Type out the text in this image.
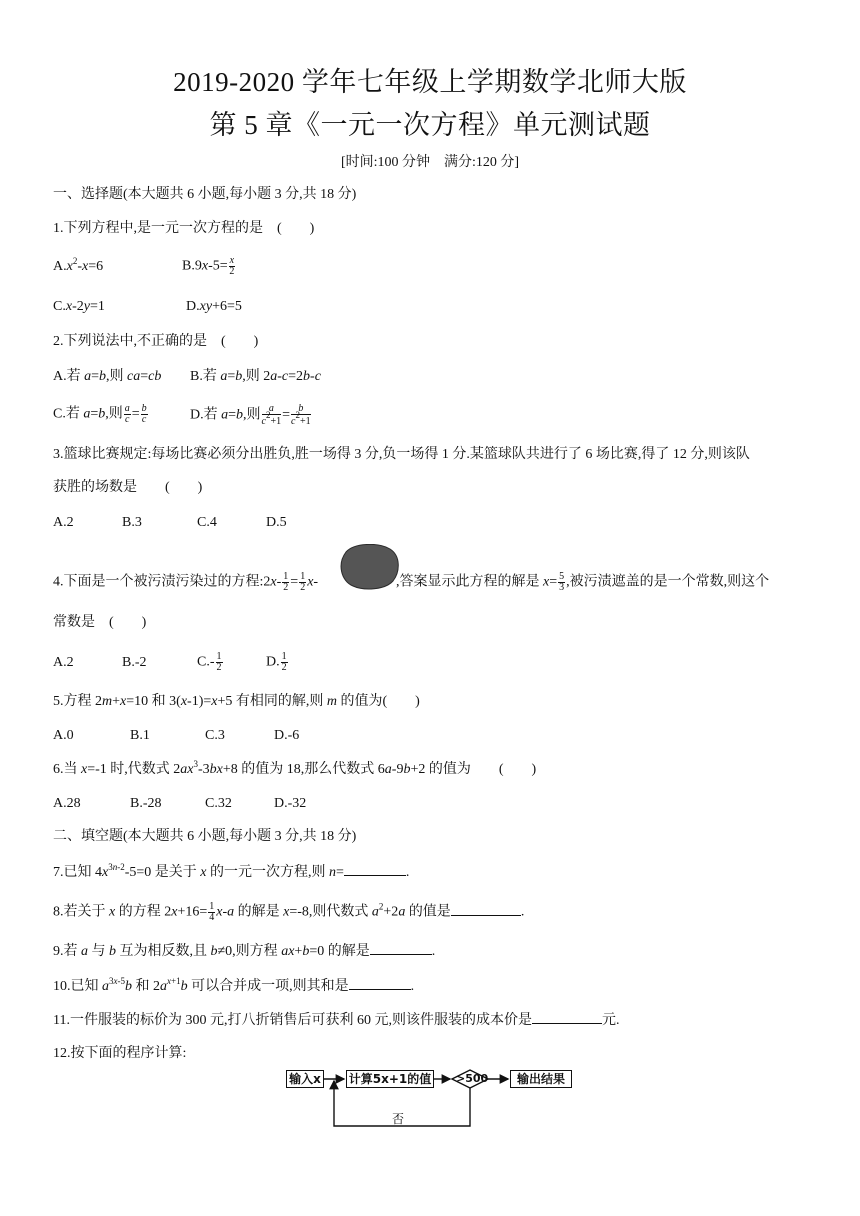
2019-2020 学年七年级上学期数学北师大版
第 5 章《一元一次方程》单元测试题
[时间:100 分钟　满分:120 分]
一、选择题(本大题共 6 小题,每小题 3 分,共 18 分)
1.下列方程中,是一元一次方程的是　(　　)
$A.x^2-x=6$	$B.9x-5= \frac{x}{2}$
C.x-2y=1	D.xy+6=5
2.下列说法中,不正确的是　(　　)
A.若 a=b,则 ca=cb B.若 a=b,则 2a-c=2b-c
C.若 a=b,则 $\frac{a}{c} = \frac{b}{c}$	D.若 a=b,则 $\frac{a}{c^2+1} = \frac{b}{c^2+1}$
3.篮球比赛规定:每场比赛必须分出胜负,胜一场得 3 分,负一场得 1 分.某篮球队共进行了 6 场比赛,得了 12 分,则该队
获胜的场数是　　(　　)
A.2	B.3	C.4	D.5
4.下面是一个被污渍污染过的方程:2x- $\frac{1}{2} = \frac{1}{2} x-$	,答案显示此方程的解是 $x= \frac{5}{3}$ ,被污渍遮盖的是一个常数,则这个
常数是　(　　)
A.2	B.-2	$C.- \frac{1}{2}$	D. $\frac{1}{2}$
5.方程 2m+x=10 和 3(x-1)=x+5 有相同的解,则 m 的值为(　　)
A.0	B.1	C.3	D.-6
6.当 x=-1 时,代数式 $2ax^3-3bx+8$ 的值为 18,那么代数式 6a-9b+2 的值为　　(　　)
A.28	B.-28	C.32	D.-32
二、填空题(本大题共 6 小题,每小题 3 分,共 18 分)
7.已知 $4x^{3n-2}-5=0$ 是关于 x 的一元一次方程,则 n=	.
8.若关于 x 的方程 $2x+16= \frac{1}{4} x-a$ 的解是 x=-8,则代数式 $a^2+2a$ 的值是	.
9.若 a 与 b 互为相反数,且 b≠0,则方程 ax+b=0 的解是	.
10.已知 $a^{3x-5}b$ 和 $2a^{x+1}b$ 可以合并成一项,则其和是	.
11.一件服装的标价为 300 元,打八折销售后可获利 60 元,则该件服装的成本价是	元.
12.按下面的程序计算:
输入x 计算5x+1的值 >500	输出结果
否
